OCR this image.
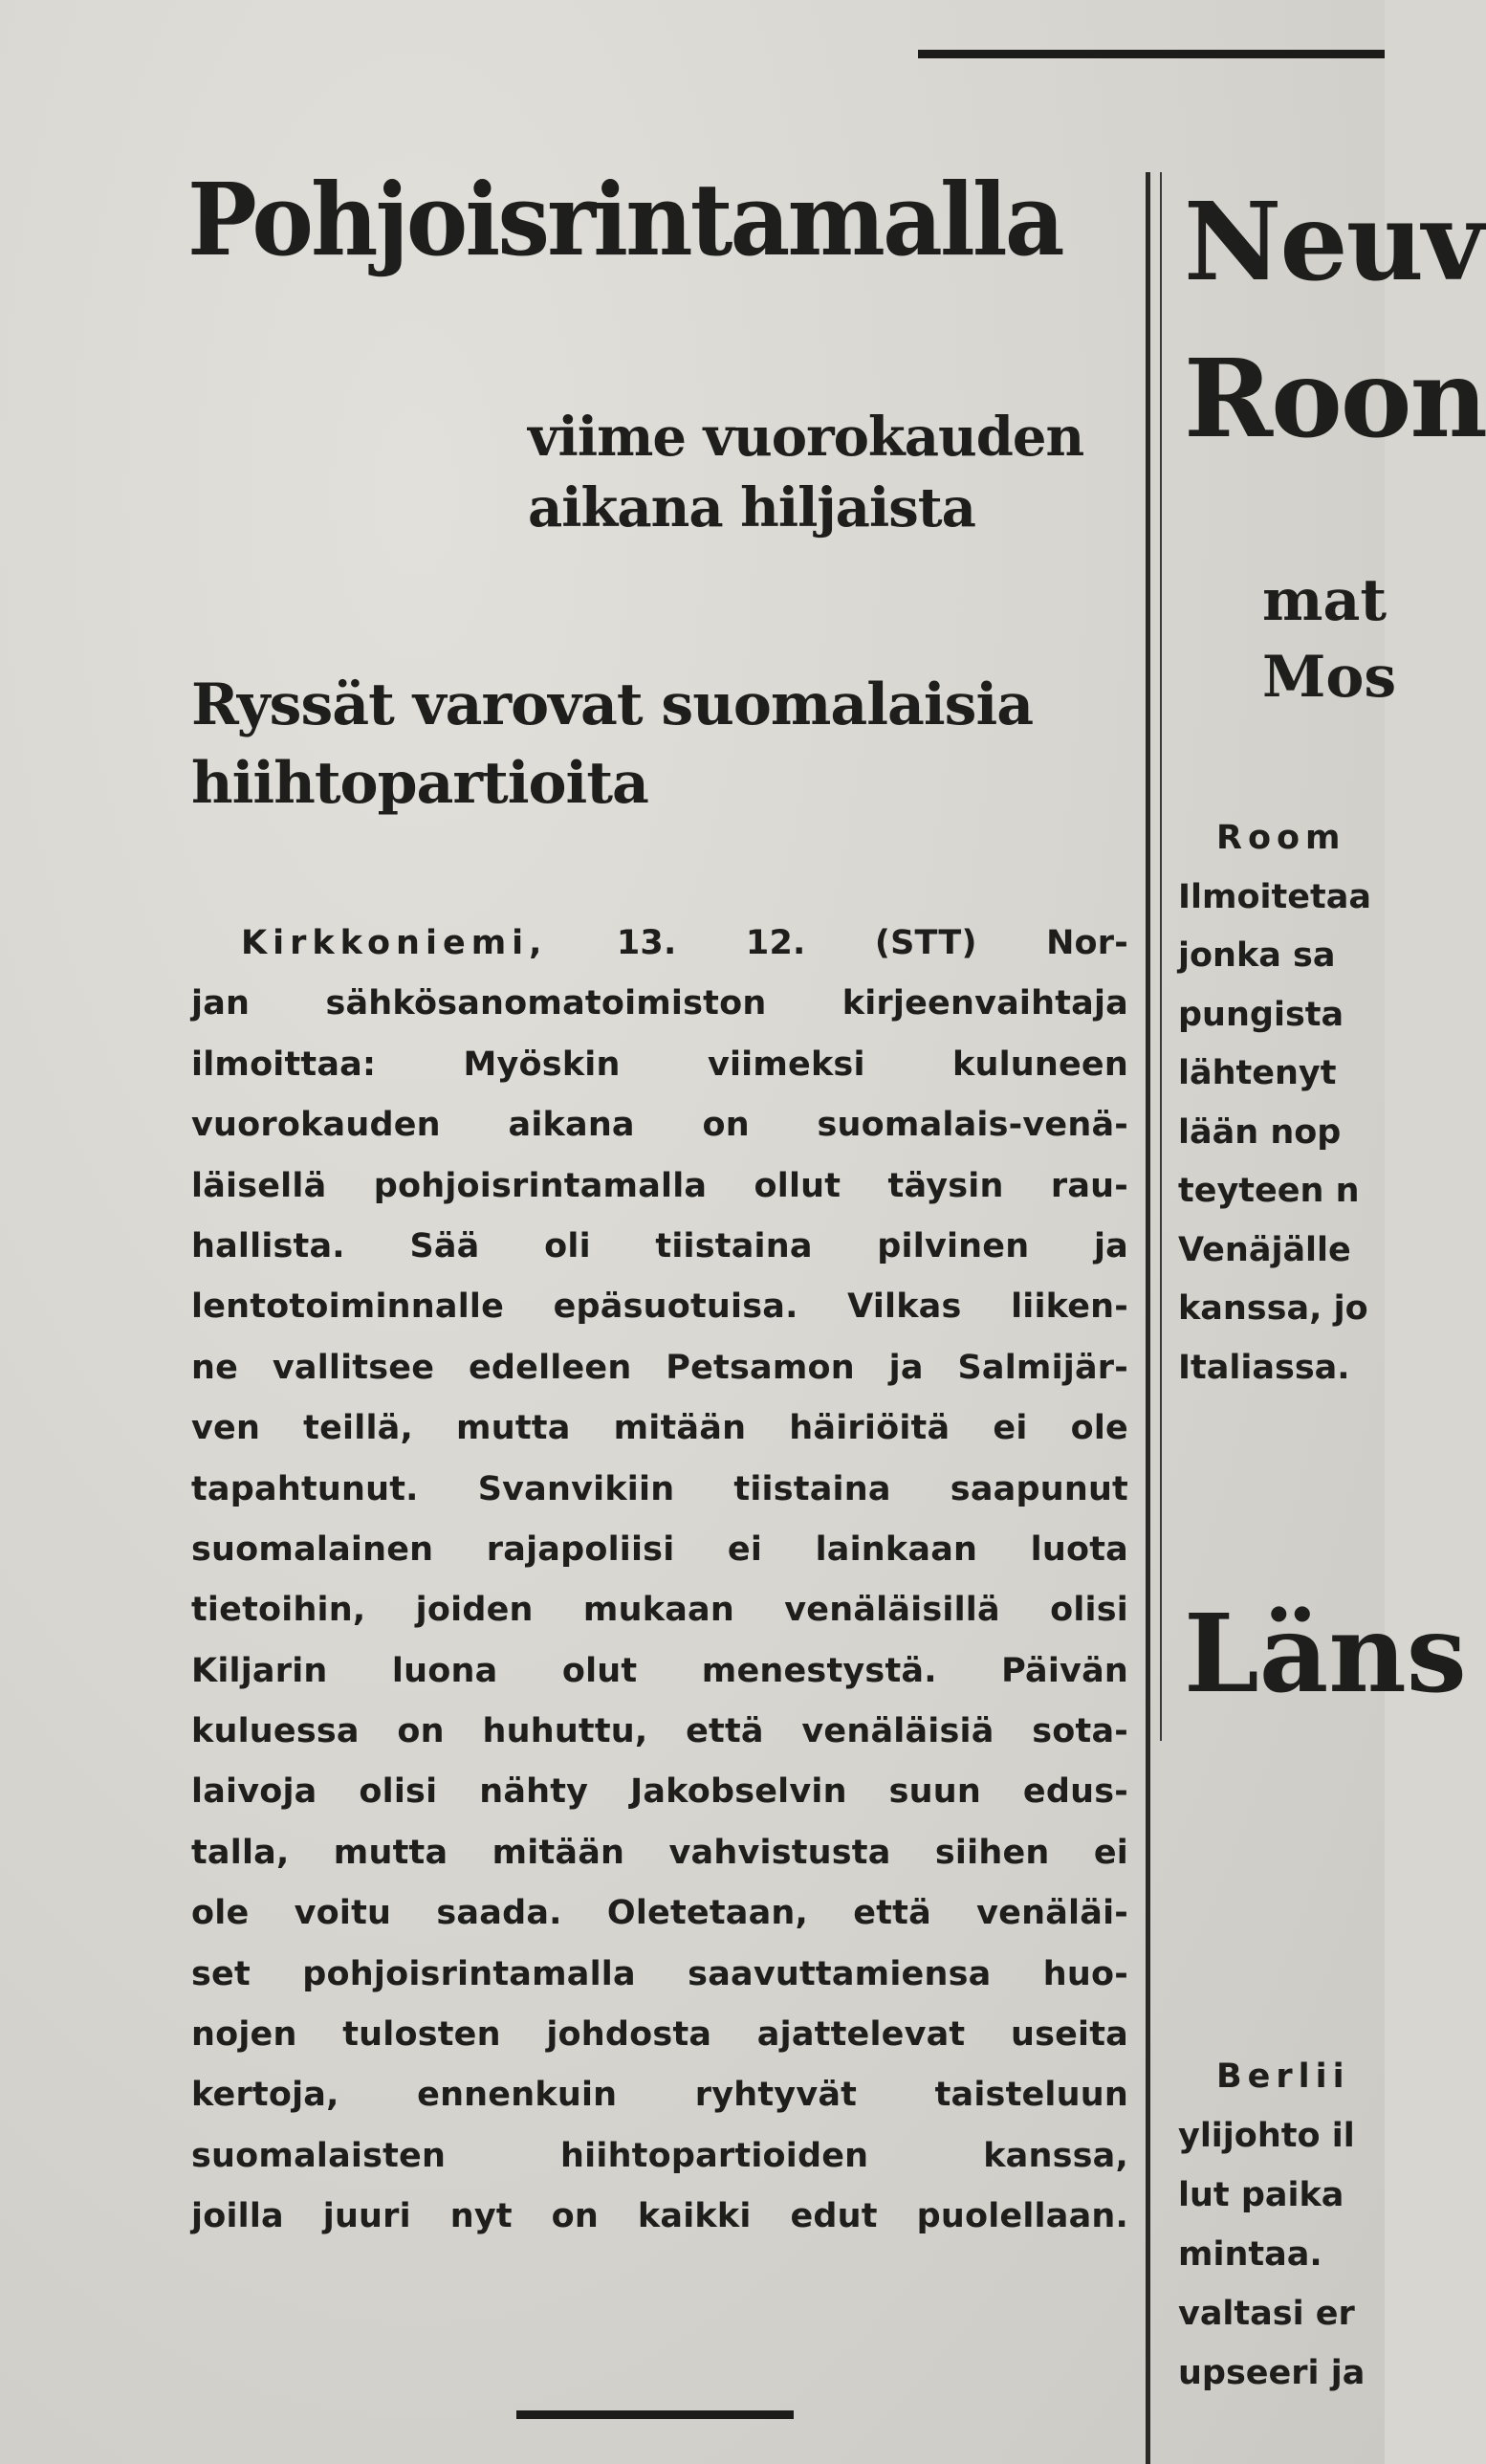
Pohjoisrintamalla
viime vuorokauden
aikana hiljaista
Ryssät varovat suomalaisia
hiihtopartioita
Kirkkoniemi, 13. 12. (STT) Nor-
jan sähkösanomatoimiston kirjeenvaihtaja
ilmoittaa: Myöskin viimeksi kuluneen
vuorokauden aikana on suomalais-venä-
läisellä pohjoisrintamalla ollut täysin rau-
hallista. Sää oli tiistaina pilvinen ja
lentotoiminnalle epäsuotuisa. Vilkas liiken-
ne vallitsee edelleen Petsamon ja Salmijär-
ven teillä, mutta mitään häiriöitä ei ole
tapahtunut. Svanvikiin tiistaina saapunut
suomalainen rajapoliisi ei lainkaan luota
tietoihin, joiden mukaan venäläisillä olisi
Kiljarin luona olut menestystä. Päivän
kuluessa on huhuttu, että venäläisiä sota-
laivoja olisi nähty Jakobselvin suun edus-
talla, mutta mitään vahvistusta siihen ei
ole voitu saada. Oletetaan, että venäläi-
set pohjoisrintamalla saavuttamiensa huo-
nojen tulosten johdosta ajattelevat useita
kertoja, ennenkuin ryhtyvät taisteluun
suomalaisten hiihtopartioiden kanssa,
joilla juuri nyt on kaikki edut puolellaan.
Neuv
Roon
mat
Mos
Room
Ilmoitetaa
jonka sa
pungista
lähtenyt
lään nop
teyteen n
Venäjälle
kanssa, jo
Italiassa.
Läns
Berlii
ylijohto il
lut paika
mintaa.
valtasi er
upseeri ja
